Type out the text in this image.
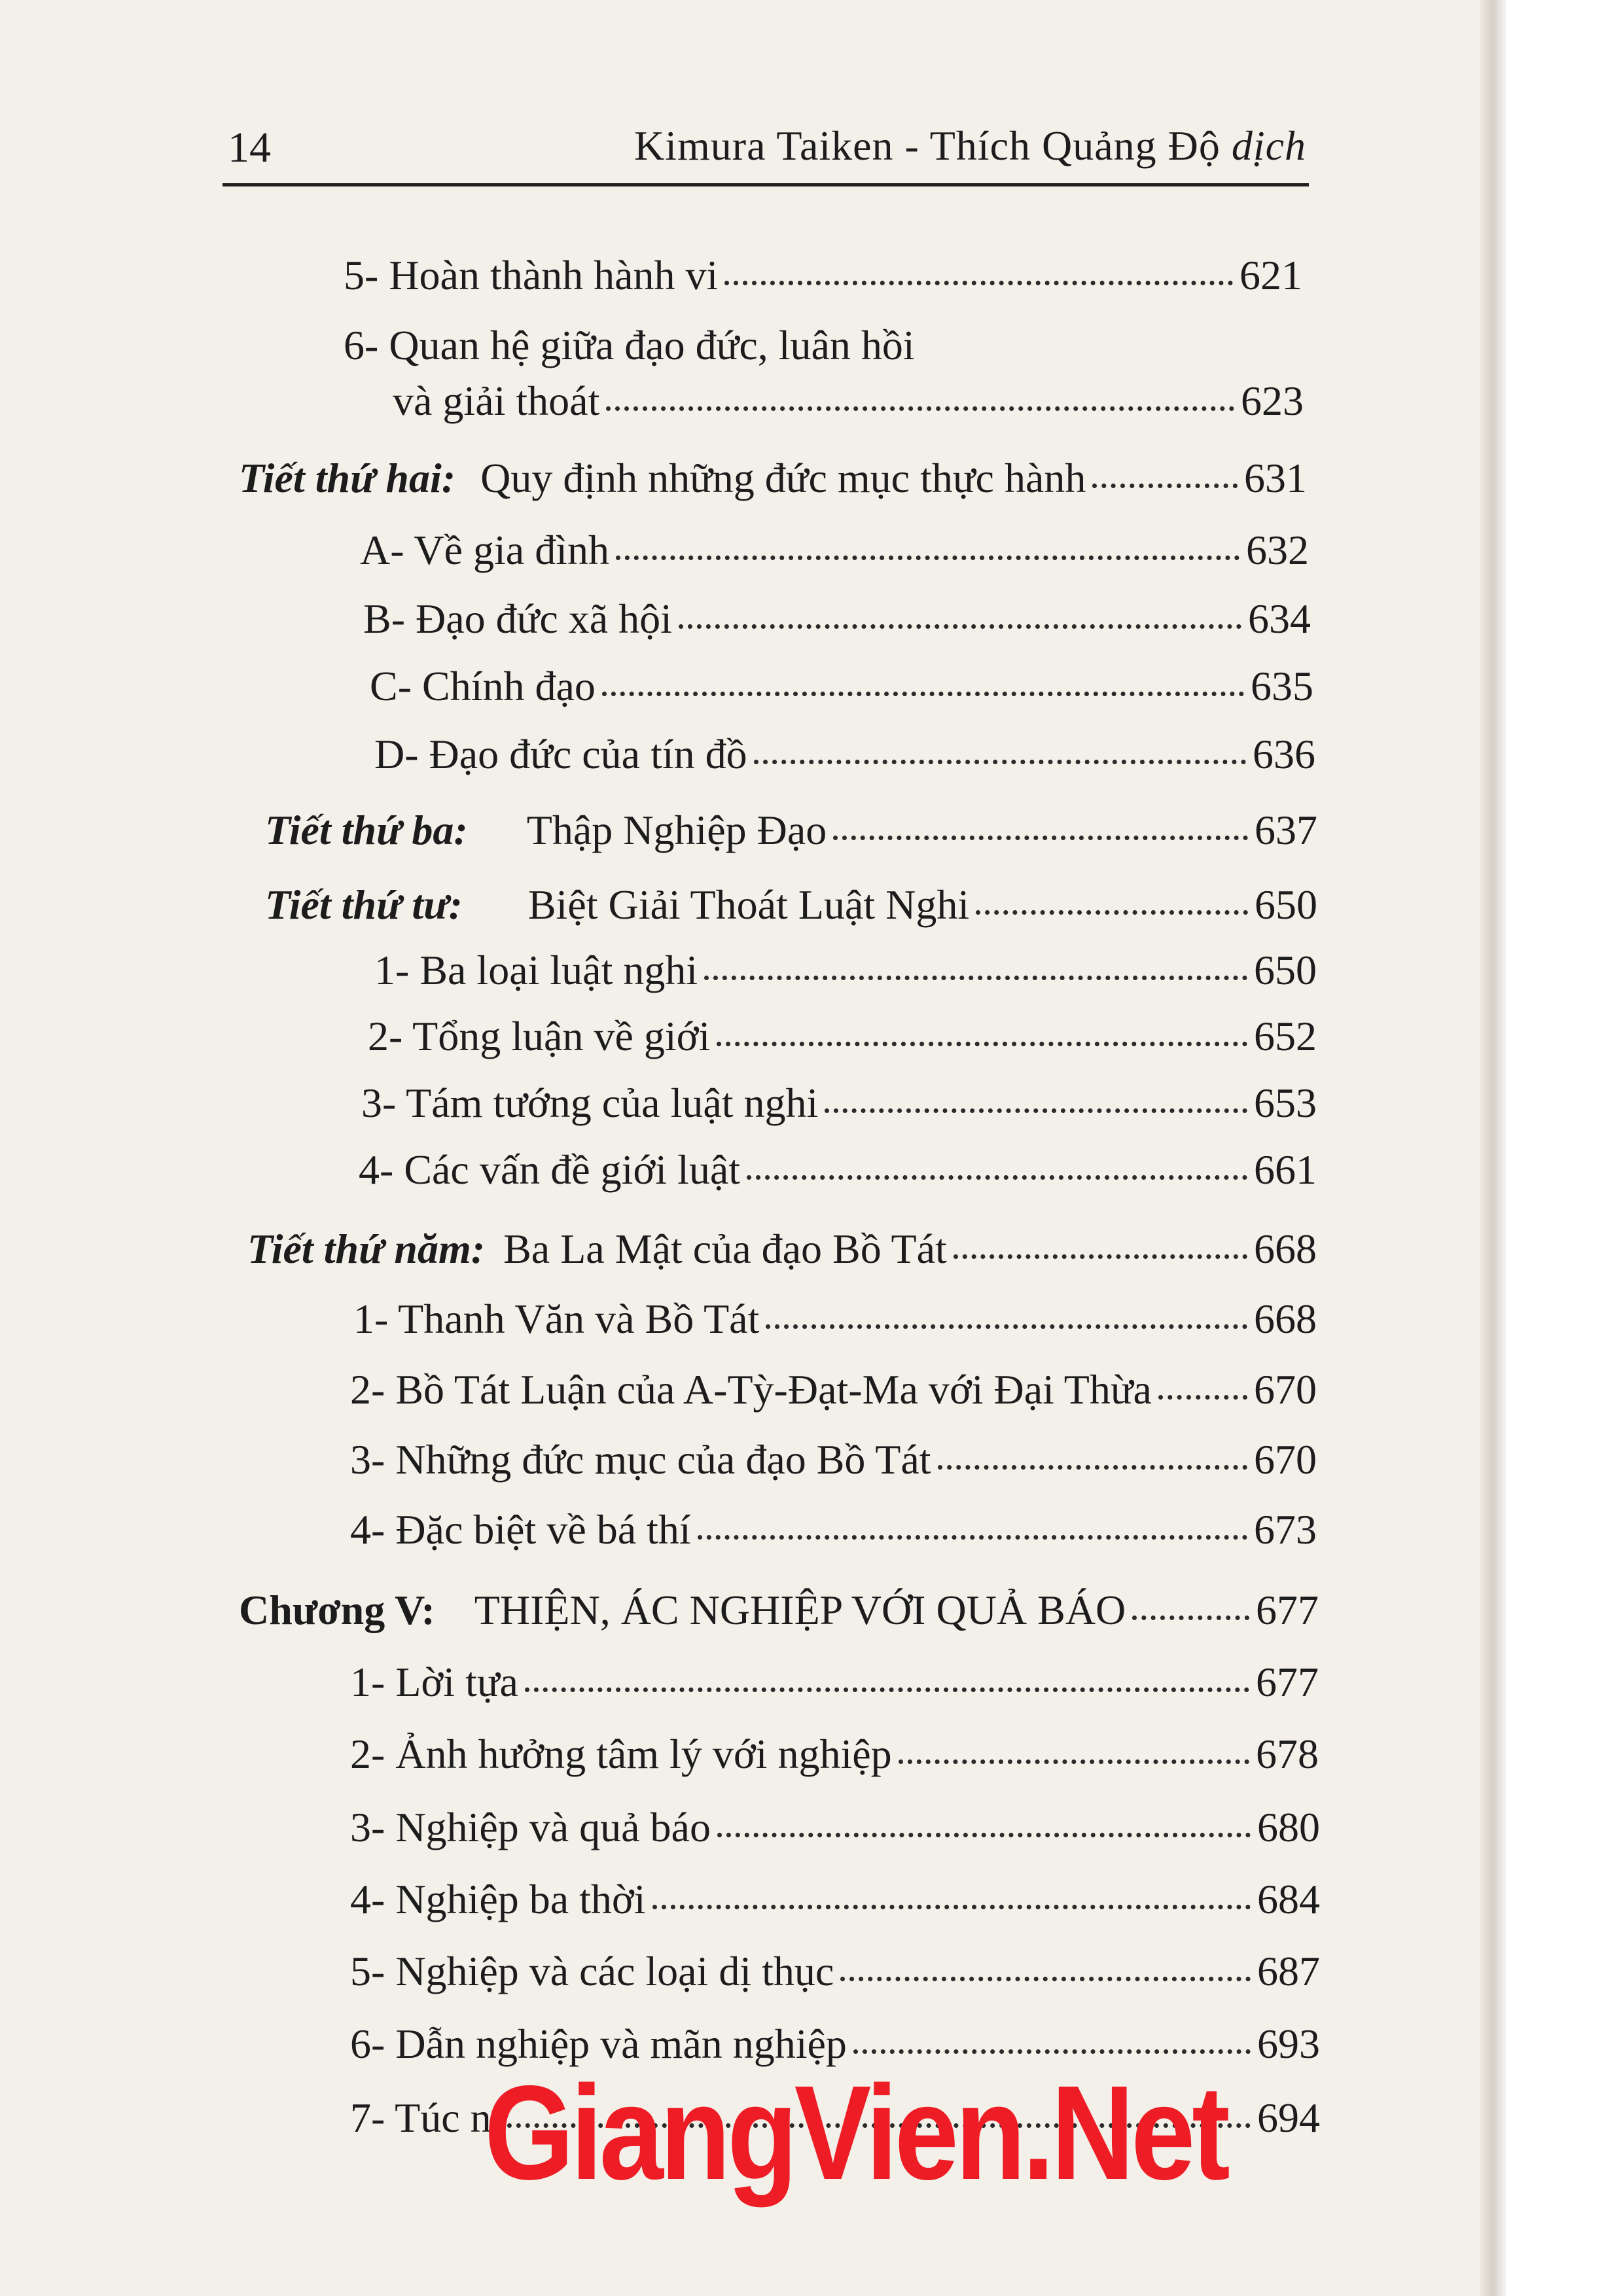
14	Kimura Taiken - Thích Quảng Độ dịch
5- Hoàn thành hành vi	621
6- Quan hệ giữa đạo đức, luân hồi
và giải thoát	623
Tiết thứ hai: Quy định những đức mục thực hành	631
A- Về gia đình	632
B- Đạo đức xã hội	634
C- Chính đạo	635
D- Đạo đức của tín đồ	636
Tiết thứ ba: Thập Nghiệp Đạo	637
Tiết thứ tư: Biệt Giải Thoát Luật Nghi	650
1- Ba loại luật nghi	650
2- Tổng luận về giới	652
3- Tám tướng của luật nghi	653
4- Các vấn đề giới luật	661
Tiết thứ năm: Ba La Mật của đạo Bồ Tát	668
1- Thanh Văn và Bồ Tát	668
2- Bồ Tát Luận của A-Tỳ-Đạt-Ma với Đại Thừa 670
3- Những đức mục của đạo Bồ Tát	670
4- Đặc biệt về bá thí	673
Chương V: THIỆN, ÁC NGHIỆP VỚI QUẢ BÁO	677
1- Lời tựa	677
2- Ảnh hưởng tâm lý với nghiệp	678
3- Nghiệp và quả báo	680
4- Nghiệp ba thời	684
5- Nghiệp và các loại dị thục	687
6- Dẫn nghiệp và mãn nghiệp	693
7- Túc n	694
GiangVien.Net
